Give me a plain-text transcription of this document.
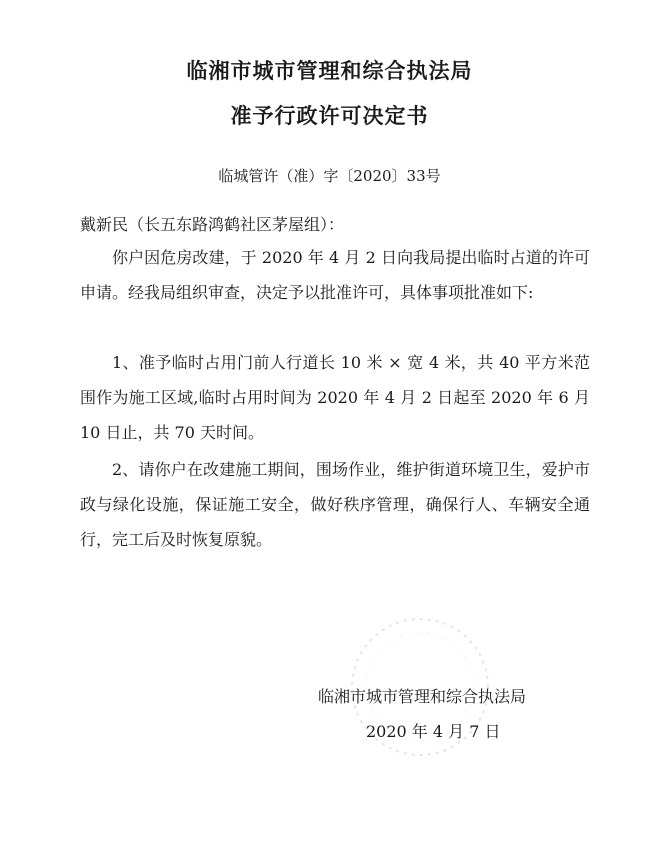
临湘市城市管理和综合执法局
准予行政许可决定书
临城管许（准）字〔2020〕33号
戴新民（长五东路鸿鹤社区茅屋组）：
你户因危房改建，于 2020 年 4 月 2 日向我局提出临时占道的许可申请。经我局组织审查，决定予以批准许可，具体事项批准如下:
1、准予临时占用门前人行道长 10 米 × 宽 4 米，共 40 平方米范围作为施工区域,临时占用时间为 2020 年 4 月 2 日起至 2020 年 6 月 10 日止，共 70 天时间。
2、请你户在改建施工期间，围场作业，维护街道环境卫生，爱护市政与绿化设施，保证施工安全，做好秩序管理，确保行人、车辆安全通行，完工后及时恢复原貌。
临湘市城市管理和综合执法局
2020 年 4 月 7 日
